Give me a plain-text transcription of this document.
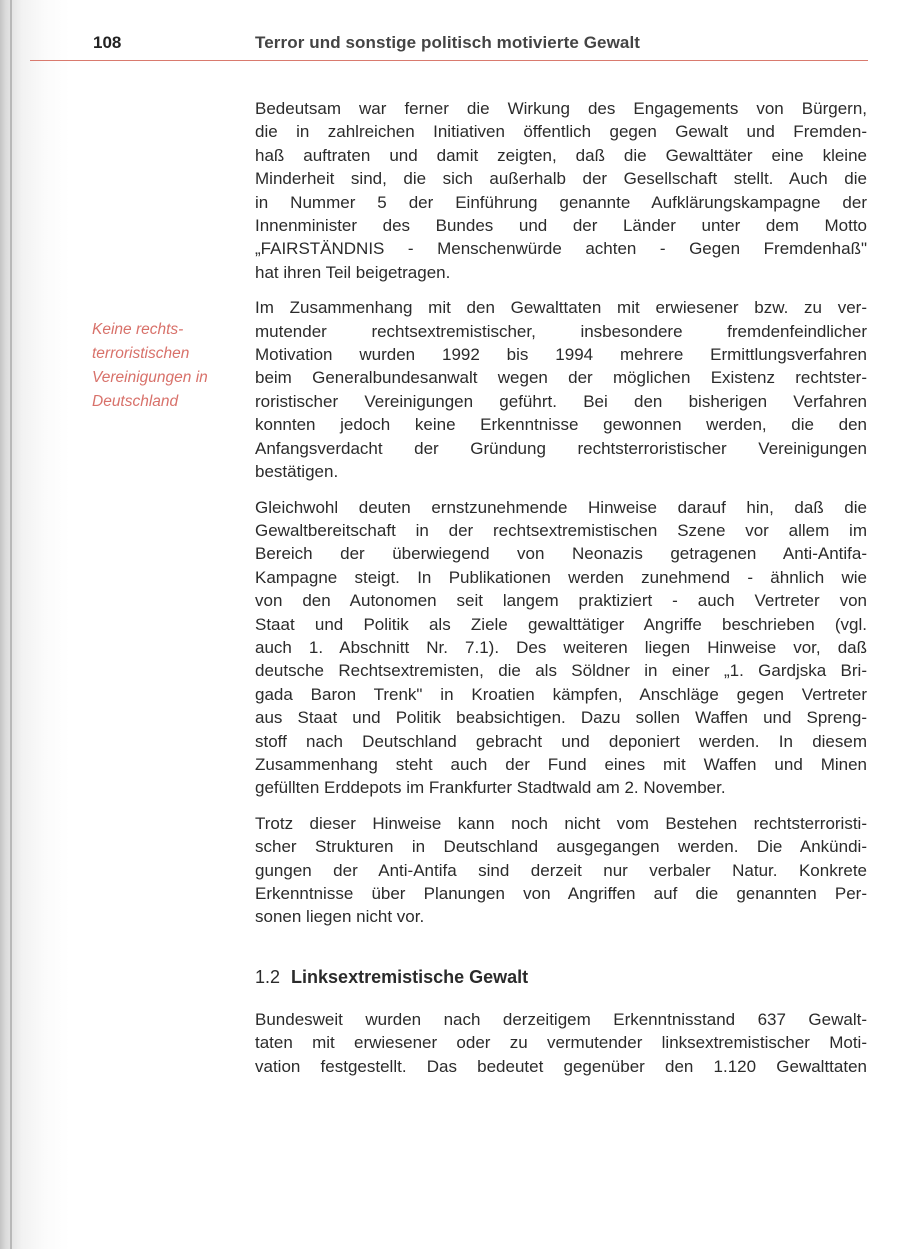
108	Terror und sonstige politisch motivierte Gewalt
Keine rechts-
terroristischen
Vereinigungen in
Deutschland

Bedeutsam war ferner die Wirkung des Engagements von Bürgern,
die in zahlreichen Initiativen öffentlich gegen Gewalt und Fremden-
haß auftraten und damit zeigten, daß die Gewalttäter eine kleine
Minderheit sind, die sich außerhalb der Gesellschaft stellt. Auch die
in Nummer 5 der Einführung genannte Aufklärungskampagne der
Innenminister des Bundes und der Länder unter dem Motto
„FAIRSTÄNDNIS - Menschenwürde achten - Gegen Fremdenhaß"
hat ihren Teil beigetragen.

Im Zusammenhang mit den Gewalttaten mit erwiesener bzw. zu ver-
mutender rechtsextremistischer, insbesondere fremdenfeindlicher
Motivation wurden 1992 bis 1994 mehrere Ermittlungsverfahren
beim Generalbundesanwalt wegen der möglichen Existenz rechtster-
roristischer Vereinigungen geführt. Bei den bisherigen Verfahren
konnten jedoch keine Erkenntnisse gewonnen werden, die den
Anfangsverdacht der Gründung rechtsterroristischer Vereinigungen
bestätigen.

Gleichwohl deuten ernstzunehmende Hinweise darauf hin, daß die
Gewaltbereitschaft in der rechtsextremistischen Szene vor allem im
Bereich der überwiegend von Neonazis getragenen Anti-Antifa-
Kampagne steigt. In Publikationen werden zunehmend - ähnlich wie
von den Autonomen seit langem praktiziert - auch Vertreter von
Staat und Politik als Ziele gewalttätiger Angriffe beschrieben (vgl.
auch 1. Abschnitt Nr. 7.1). Des weiteren liegen Hinweise vor, daß
deutsche Rechtsextremisten, die als Söldner in einer „1. Gardjska Bri-
gada Baron Trenk" in Kroatien kämpfen, Anschläge gegen Vertreter
aus Staat und Politik beabsichtigen. Dazu sollen Waffen und Spreng-
stoff nach Deutschland gebracht und deponiert werden. In diesem
Zusammenhang steht auch der Fund eines mit Waffen und Minen
gefüllten Erddepots im Frankfurter Stadtwald am 2. November.

Trotz dieser Hinweise kann noch nicht vom Bestehen rechtsterroristi-
scher Strukturen in Deutschland ausgegangen werden. Die Ankündi-
gungen der Anti-Antifa sind derzeit nur verbaler Natur. Konkrete
Erkenntnisse über Planungen von Angriffen auf die genannten Per-
sonen liegen nicht vor.

1.2 Linksextremistische Gewalt

Bundesweit wurden nach derzeitigem Erkenntnisstand 637 Gewalt-
taten mit erwiesener oder zu vermutender linksextremistischer Moti-
vation festgestellt. Das bedeutet gegenüber den 1.120 Gewalttaten
